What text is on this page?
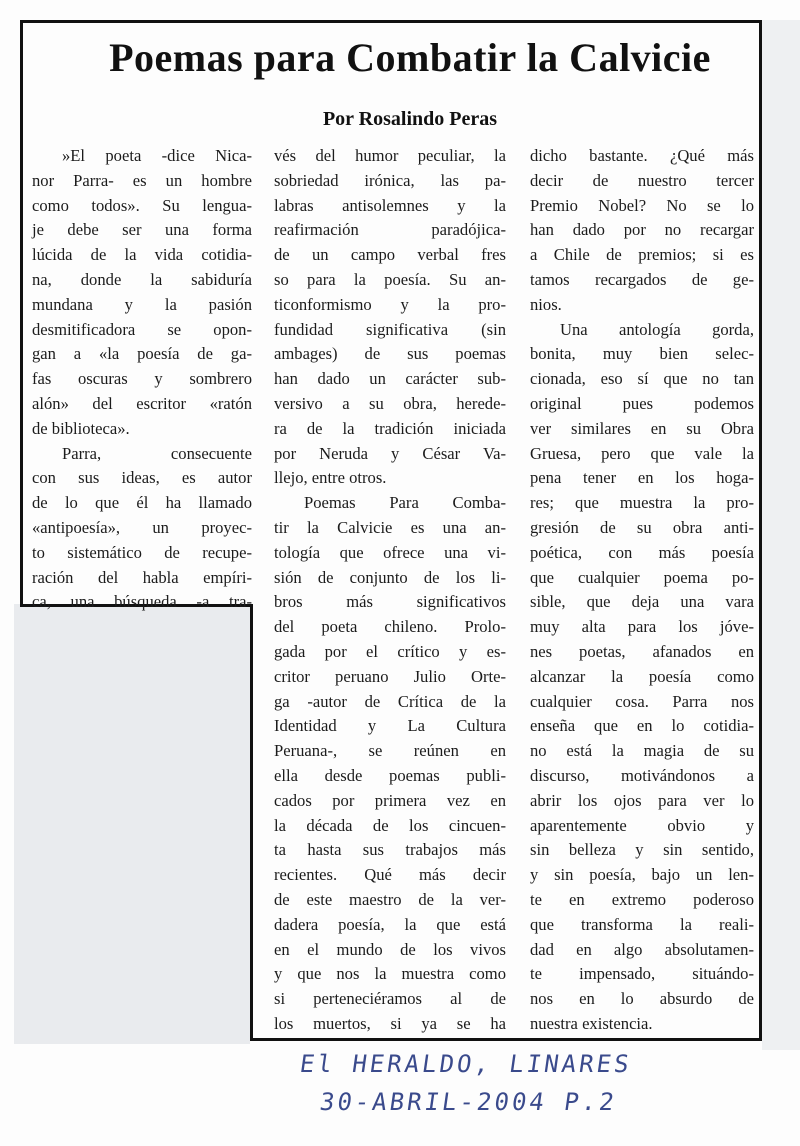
Poemas para Combatir la Calvicie
Por Rosalindo Peras
»El poeta -dice Nica-
nor Parra- es un hombre
como todos». Su lengua-
je debe ser una forma
lúcida de la vida cotidia-
na, donde la sabiduría
mundana y la pasión
desmitificadora se opon-
gan a «la poesía de ga-
fas oscuras y sombrero
alón» del escritor «ratón
de biblioteca».
Parra, consecuente
con sus ideas, es autor
de lo que él ha llamado
«antipoesía», un proyec-
to sistemático de recupe-
ración del habla empíri-
ca, una búsqueda -a tra-
vés del humor peculiar, la
sobriedad irónica, las pa-
labras antisolemnes y la
reafirmación paradójica-
de un campo verbal fres
so para la poesía. Su an-
ticonformismo y la pro-
fundidad significativa (sin
ambages) de sus poemas
han dado un carácter sub-
versivo a su obra, herede-
ra de la tradición iniciada
por Neruda y César Va-
llejo, entre otros.
Poemas Para Comba-
tir la Calvicie es una an-
tología que ofrece una vi-
sión de conjunto de los li-
bros más significativos
del poeta chileno. Prolo-
gada por el crítico y es-
critor peruano Julio Orte-
ga -autor de Crítica de la
Identidad y La Cultura
Peruana-, se reúnen en
ella desde poemas publi-
cados por primera vez en
la década de los cincuen-
ta hasta sus trabajos más
recientes. Qué más decir
de este maestro de la ver-
dadera poesía, la que está
en el mundo de los vivos
y que nos la muestra como
si perteneciéramos al de
los muertos, si ya se ha
dicho bastante. ¿Qué más
decir de nuestro tercer
Premio Nobel? No se lo
han dado por no recargar
a Chile de premios; si es
tamos recargados de ge-
nios.
Una antología gorda,
bonita, muy bien selec-
cionada, eso sí que no tan
original pues podemos
ver similares en su Obra
Gruesa, pero que vale la
pena tener en los hoga-
res; que muestra la pro-
gresión de su obra anti-
poética, con más poesía
que cualquier poema po-
sible, que deja una vara
muy alta para los jóve-
nes poetas, afanados en
alcanzar la poesía como
cualquier cosa. Parra nos
enseña que en lo cotidia-
no está la magia de su
discurso, motivándonos a
abrir los ojos para ver lo
aparentemente obvio y
sin belleza y sin sentido,
y sin poesía, bajo un len-
te en extremo poderoso
que transforma la reali-
dad en algo absolutamen-
te impensado, situándo-
nos en lo absurdo de
nuestra existencia.
El HERALDO, LINARES
30-ABRIL-2004 P.2
